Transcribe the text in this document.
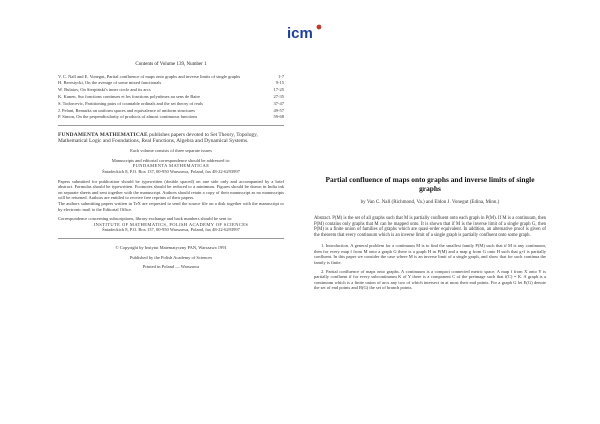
icm
Contents of Volume 139, Number 1
V. C. Nall and E. Vonegut, Partial confluence of maps onto graphs and inverse limits of single graphs	1-7
H. Berestycki, On the average of some mixed functionals	9-15
W. Bulatov, On Sierpiński's inner circle and its arcs	17-25
K. Kunen, Sur fonctions continues et les fonctions polynômes au sens de Baire	27-35
S. Todorcevic, Partitioning pairs of countable ordinals and the set theory of reals	37-47
J. Pelant, Remarks on uniform spaces and equivalence of uniform structures	49-57
P. Simon, On the perpendicularity of products of almost continuous functions	59-68
FUNDAMENTA MATHEMATICAE publishes papers devoted to Set Theory, Topology, Mathematical Logic and Foundations, Real Functions, Algebra and Dynamical Systems.
Each volume consists of three separate issues
Manuscripts and editorial correspondence should be addressed to:
FUNDAMENTA MATHEMATICAE
Śniadeckich 8, P.O. Box 137, 00-950 Warszawa, Poland, fax 48-22-6293997
Papers submitted for publication should be typewritten (double spaced) on one side only and accompanied by a brief abstract. Formulas should be typewritten. Footnotes should be reduced to a minimum. Figures should be drawn in India ink on separate sheets and sent together with the manuscript. Authors should retain a copy of their manuscript as no manuscripts will be returned. Authors are entitled to receive free reprints of their papers.
The authors submitting papers written in TeX are requested to send the source file on a disk together with the manuscript or by electronic mail to the Editorial Office.
Correspondence concerning subscriptions, library exchange and back numbers should be sent to:
INSTITUTE OF MATHEMATICS, POLISH ACADEMY OF SCIENCES
Śniadeckich 8, P.O. Box 137, 00-950 Warszawa, Poland, fax 48-22-6293997
© Copyright by Instytut Matematyczny PAN, Warszawa 1991
Published by the Polish Academy of Sciences
Printed in Poland — Warszawa
Partial confluence of maps onto graphs and inverse limits of single graphs
by Van C. Nall (Richmond, Va.) and Eldon J. Vonegut (Edina, Minn.)
Abstract. P(M) is the set of all graphs such that M is partially confluent onto each graph in P(M). If M is a continuum, then P(M) contains only graphs that M can be mapped onto. It is shown that if M is the inverse limit of a single graph G, then P(M) is a finite union of families of graphs which are quasi-order equivalent. In addition, an alternative proof is given of the theorem that every continuum which is an inverse limit of a single graph is partially confluent onto some graph.
1. Introduction. A general problem for a continuum M is to find the smallest family P(M) such that if M is any continuum, then for every map f from M onto a graph G there is a graph H in P(M) and a map g from G onto H such that g∘f is partially confluent. In this paper we consider the case where M is an inverse limit of a single graph, and show that for such continua the family is finite.
2. Partial confluence of maps onto graphs. A continuum is a compact connected metric space. A map f from X onto Y is partially confluent if for every subcontinuum K of Y there is a component C of the preimage such that f(C) = K. A graph is a continuum which is a finite union of arcs any two of which intersect in at most their end points. For a graph G let E(G) denote the set of end points and B(G) the set of branch points.
